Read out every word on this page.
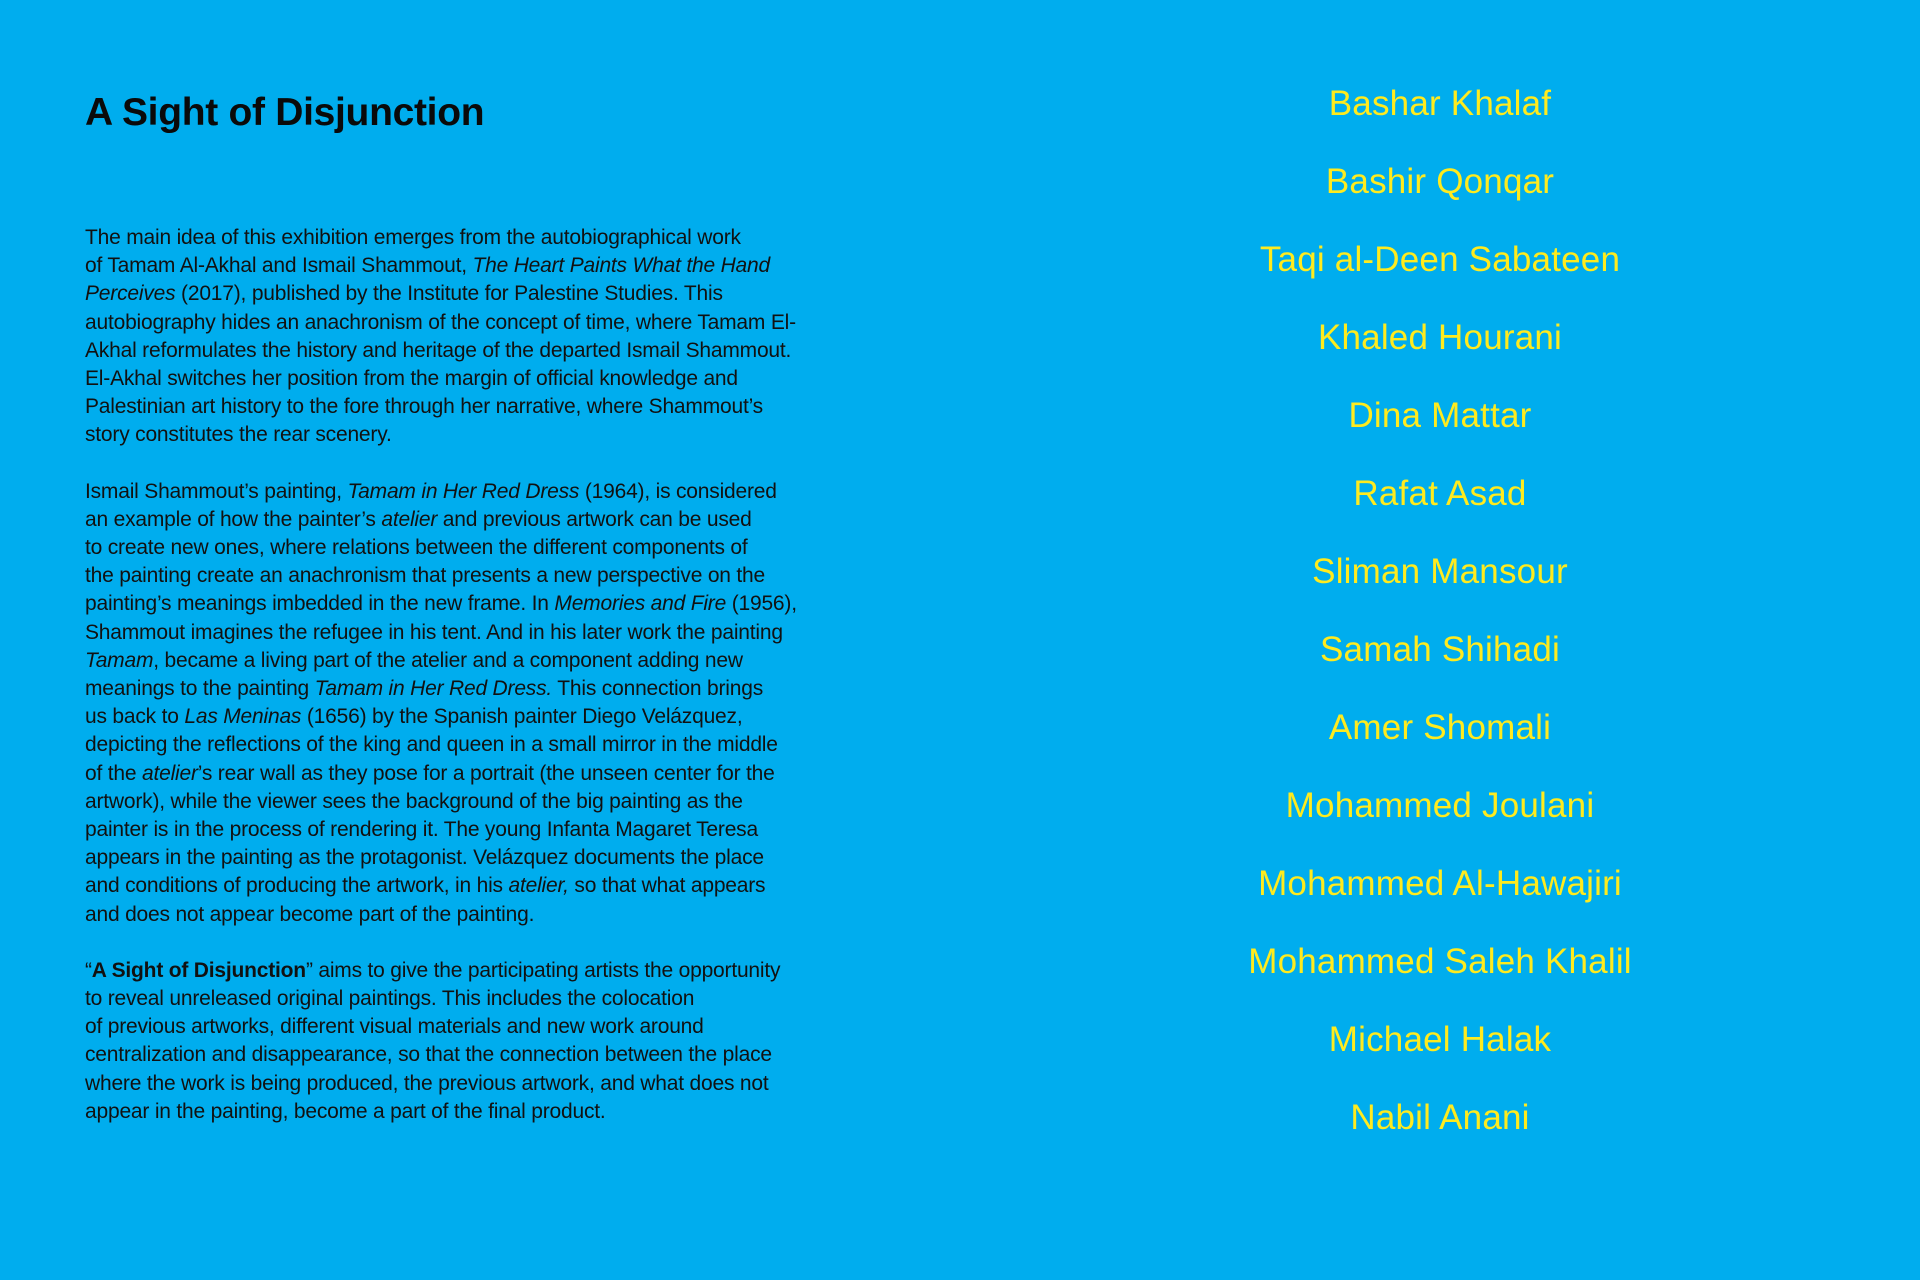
A Sight of Disjunction

The main idea of this exhibition emerges from the autobiographical work
of Tamam Al-Akhal and Ismail Shammout, The Heart Paints What the Hand
Perceives (2017), published by the Institute for Palestine Studies. This
autobiography hides an anachronism of the concept of time, where Tamam El-
Akhal reformulates the history and heritage of the departed Ismail Shammout.
El-Akhal switches her position from the margin of official knowledge and
Palestinian art history to the fore through her narrative, where Shammout’s
story constitutes the rear scenery.

Ismail Shammout’s painting, Tamam in Her Red Dress (1964), is considered
an example of how the painter’s atelier and previous artwork can be used
to create new ones, where relations between the different components of
the painting create an anachronism that presents a new perspective on the
painting’s meanings imbedded in the new frame. In Memories and Fire (1956),
Shammout imagines the refugee in his tent. And in his later work the painting
Tamam, became a living part of the atelier and a component adding new
meanings to the painting Tamam in Her Red Dress. This connection brings
us back to Las Meninas (1656) by the Spanish painter Diego Velázquez,
depicting the reflections of the king and queen in a small mirror in the middle
of the atelier’s rear wall as they pose for a portrait (the unseen center for the
artwork), while the viewer sees the background of the big painting as the
painter is in the process of rendering it. The young Infanta Magaret Teresa
appears in the painting as the protagonist. Velázquez documents the place
and conditions of producing the artwork, in his atelier, so that what appears
and does not appear become part of the painting.

“A Sight of Disjunction” aims to give the participating artists the opportunity
to reveal unreleased original paintings. This includes the colocation
of previous artworks, different visual materials and new work around
centralization and disappearance, so that the connection between the place
where the work is being produced, the previous artwork, and what does not
appear in the painting, become a part of the final product.

Bashar Khalaf
Bashir Qonqar
Taqi al-Deen Sabateen
Khaled Hourani
Dina Mattar
Rafat Asad
Sliman Mansour
Samah Shihadi
Amer Shomali
Mohammed Joulani
Mohammed Al-Hawajiri
Mohammed Saleh Khalil
Michael Halak
Nabil Anani
